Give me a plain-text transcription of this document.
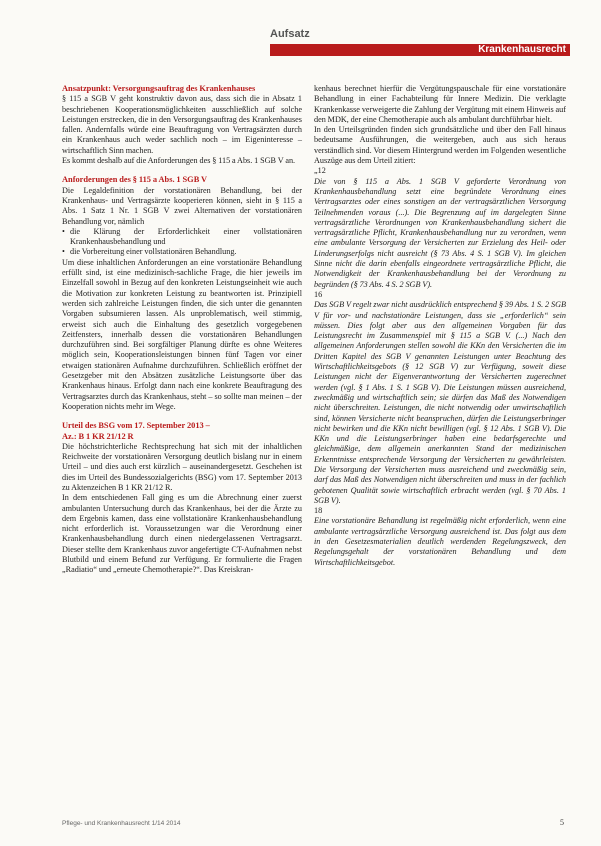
Aufsatz
Krankenhausrecht

Ansatzpunkt: Versorgungsauftrag des Krankenhauses

§ 115 a SGB V geht konstruktiv davon aus, dass sich die in Absatz 1 beschriebenen Kooperationsmöglichkeiten ausschließlich auf solche Leistungen erstrecken, die in den Versorgungsauftrag des Krankenhauses fallen. Andernfalls würde eine Beauftragung von Vertragsärzten durch ein Krankenhaus auch weder sachlich noch – im Eigeninteresse – wirtschaftlich Sinn machen.

Es kommt deshalb auf die Anforderungen des § 115 a Abs. 1 SGB V an.

Anforderungen des § 115 a Abs. 1 SGB V

Die Legaldefinition der vorstationären Behandlung, bei der Krankenhaus- und Vertragsärzte kooperieren können, sieht in § 115 a Abs. 1 Satz 1 Nr. 1 SGB V zwei Alternativen der vorstationären Behandlung vor, nämlich

• die Klärung der Erforderlichkeit einer vollstationären Krankenhausbehandlung und
• die Vorbereitung einer vollstationären Behandlung.

Um diese inhaltlichen Anforderungen an eine vorstationäre Behandlung erfüllt sind, ist eine medizinisch-sachliche Frage, die hier jeweils im Einzelfall sowohl in Bezug auf den konkreten Leistungseinheit wie auch die Motivation zur konkreten Leistung zu beantworten ist. Prinzipiell werden sich zahlreiche Leistungen finden, die sich unter die genannten Vorgaben subsumieren lassen. Als unproblematisch, weil stimmig, erweist sich auch die Einhaltung des gesetzlich vorgegebenen Zeitfensters, innerhalb dessen die vorstationären Behandlungen durchzuführen sind. Bei sorgfältiger Planung dürfte es ohne Weiteres möglich sein, Kooperationsleistungen binnen fünf Tagen vor einer etwaigen stationären Aufnahme durchzuführen. Schließlich eröffnet der Gesetzgeber mit den Absätzen zusätzliche Leistungsorte über das Krankenhaus hinaus. Erfolgt dann nach eine konkrete Beauftragung des Vertragsarztes durch das Krankenhaus, steht – so sollte man meinen – der Kooperation nichts mehr im Wege.

Urteil des BSG vom 17. September 2013 –

Az.: B 1 KR 21/12 R

Die höchstrichterliche Rechtsprechung hat sich mit der inhaltlichen Reichweite der vorstationären Versorgung deutlich bislang nur in einem Urteil – und dies auch erst kürzlich – auseinandergesetzt. Geschehen ist dies im Urteil des Bundessozialgerichts (BSG) vom 17. September 2013 zu Aktenzeichen B 1 KR 21/12 R.

In dem entschiedenen Fall ging es um die Abrechnung einer zuerst ambulanten Untersuchung durch das Krankenhaus, bei der die Ärzte zu dem Ergebnis kamen, dass eine vollstationäre Krankenhausbehandlung nicht erforderlich ist. Voraussetzungen war die Verordnung einer Krankenhausbehandlung durch einen niedergelassenen Vertragsarzt. Dieser stellte dem Krankenhaus zuvor angefertigte CT-Aufnahmen nebst Blutbild und einem Befund zur Verfügung. Er formulierte die Fragen „Radiatio“ und „erneute Chemotherapie?“. Das Kreiskran-

kenhaus berechnet hierfür die Vergütungspauschale für eine vorstationäre Behandlung in einer Fachabteilung für Innere Medizin. Die verklagte Krankenkasse verweigerte die Zahlung der Vergütung mit einem Hinweis auf den MDK, der eine Chemotherapie auch als ambulant durchführbar hielt.

In den Urteilsgründen finden sich grundsätzliche und über den Fall hinaus bedeutsame Ausführungen, die weitergeben, auch aus sich heraus verständlich sind. Vor diesem Hintergrund werden im Folgenden wesentliche Auszüge aus dem Urteil zitiert:

„12

Die von § 115 a Abs. 1 SGB V geforderte Verordnung von Krankenhausbehandlung setzt eine begründete Verordnung eines Vertragsarztes oder eines sonstigen an der vertragsärztlichen Versorgung Teilnehmenden voraus (...). Die Begrenzung auf im dargelegten Sinne vertragsärztliche Verordnungen von Krankenhausbehandlung sichert die vertragsärztliche Pflicht, Krankenhausbehandlung nur zu verordnen, wenn eine ambulante Versorgung der Versicherten zur Erzielung des Heil- oder Linderungserfolgs nicht ausreicht (§ 73 Abs. 4 S. 1 SGB V). Im gleichen Sinne nicht die darin ebenfalls eingeordnete vertragsärztliche Pflicht, die Notwendigkeit der Krankenhausbehandlung bei der Verordnung zu begründen (§ 73 Abs. 4 S. 2 SGB V).

16

Das SGB V regelt zwar nicht ausdrücklich entsprechend § 39 Abs. 1 S. 2 SGB V für vor- und nachstationäre Leistungen, dass sie „erforderlich“ sein müssen. Dies folgt aber aus den allgemeinen Vorgaben für das Leistungsrecht im Zusammenspiel mit § 115 a SGB V. (...) Nach den allgemeinen Anforderungen stellen sowohl die KKn den Versicherten die im Dritten Kapitel des SGB V genannten Leistungen unter Beachtung des Wirtschaftlichkeitsgebots (§ 12 SGB V) zur Verfügung, soweit diese Leistungen nicht der Eigenverantwortung der Versicherten zugerechnet werden (vgl. § 1 Abs. 1 S. 1 SGB V). Die Leistungen müssen ausreichend, zweckmäßig und wirtschaftlich sein; sie dürfen das Maß des Notwendigen nicht überschreiten. Leistungen, die nicht notwendig oder unwirtschaftlich sind, können Versicherte nicht beanspruchen, dürfen die Leistungserbringer nicht bewirken und die KKn nicht bewilligen (vgl. § 12 Abs. 1 SGB V). Die KKn und die Leistungserbringer haben eine bedarfsgerechte und gleichmäßige, dem allgemein anerkannten Stand der medizinischen Erkenntnisse entsprechende Versorgung der Versicherten zu gewährleisten. Die Versorgung der Versicherten muss ausreichend und zweckmäßig sein, darf das Maß des Notwendigen nicht überschreiten und muss in der fachlich gebotenen Qualität sowie wirtschaftlich erbracht werden (vgl. § 70 Abs. 1 SGB V).

18

Eine vorstationäre Behandlung ist regelmäßig nicht erforderlich, wenn eine ambulante vertragsärztliche Versorgung ausreichend ist. Das folgt aus dem in den Gesetzesmaterialien deutlich werdenden Regelungszweck, den Regelungsgehalt der vorstationären Behandlung und dem Wirtschaftlichkeitsgebot.

Pflege- und Krankenhausrecht 1/14 2014	5
